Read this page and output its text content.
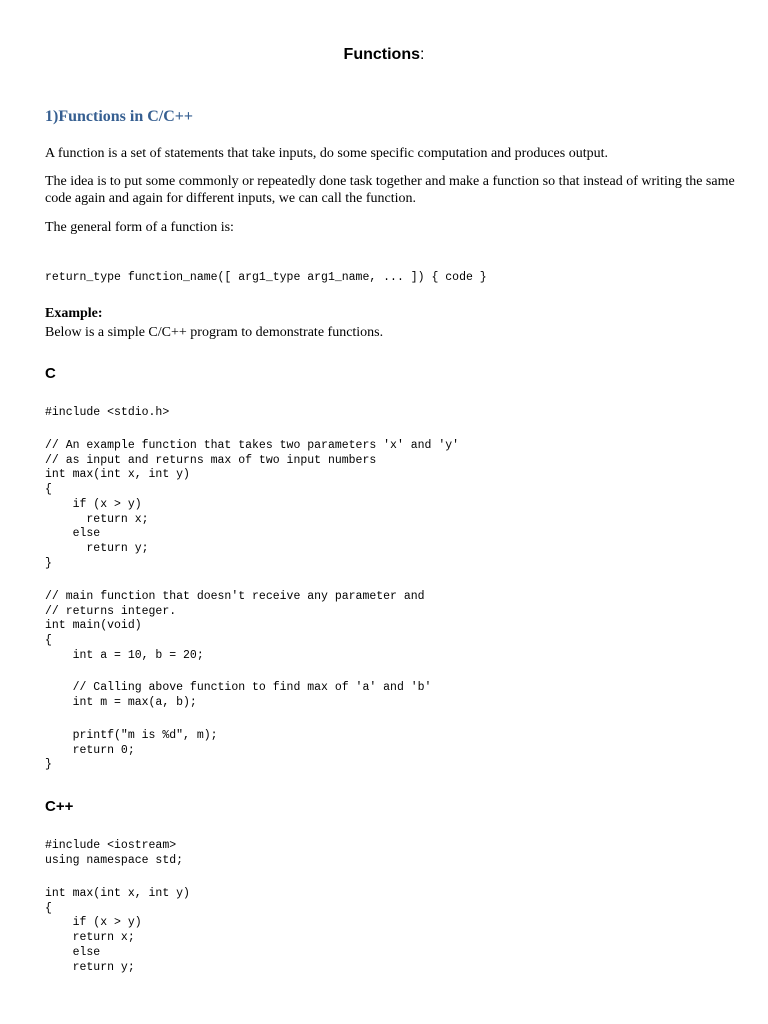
Functions:
1)Functions in C/C++

A function is a set of statements that take inputs, do some specific computation and produces output.

The idea is to put some commonly or repeatedly done task together and make a function so that instead of writing the same code again and again for different inputs, we can call the function.

The general form of a function is:

return_type function_name([ arg1_type arg1_name, ... ]) { code }

Example:

Below is a simple C/C++ program to demonstrate functions.

C
#include <stdio.h>
// An example function that takes two parameters 'x' and 'y'
// as input and returns max of two input numbers
int max(int x, int y)
{
if (x > y)
return x;
else
return y;
}
// main function that doesn't receive any parameter and
// returns integer.
int main(void)
{
int a = 10, b = 20;
// Calling above function to find max of 'a' and 'b'
int m = max(a, b);
printf("m is %d", m);
return 0;
}
C++
#include <iostream>
using namespace std;
int max(int x, int y)
{
if (x > y)
return x;
else
return y;
